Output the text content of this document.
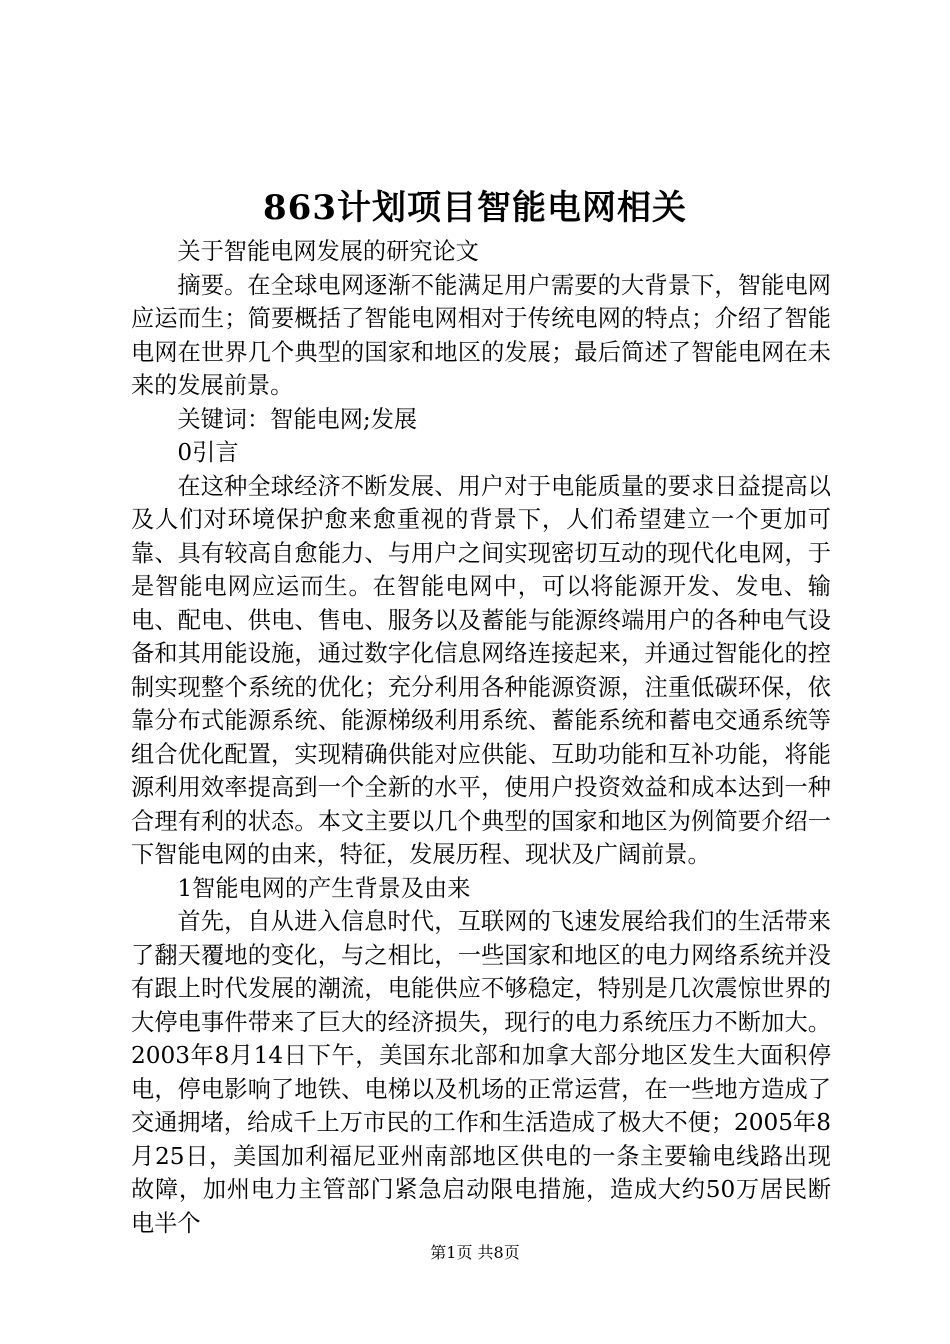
863计划项目智能电网相关

关于智能电网发展的研究论文

摘要。在全球电网逐渐不能满足用户需要的大背景下，智能电网应运而生；简要概括了智能电网相对于传统电网的特点；介绍了智能电网在世界几个典型的国家和地区的发展；最后简述了智能电网在未来的发展前景。

关键词：智能电网;发展

0引言

在这种全球经济不断发展、用户对于电能质量的要求日益提高以及人们对环境保护愈来愈重视的背景下，人们希望建立一个更加可靠、具有较高自愈能力、与用户之间实现密切互动的现代化电网，于是智能电网应运而生。在智能电网中，可以将能源开发、发电、输电、配电、供电、售电、服务以及蓄能与能源终端用户的各种电气设备和其用能设施，通过数字化信息网络连接起来，并通过智能化的控制实现整个系统的优化；充分利用各种能源资源，注重低碳环保，依靠分布式能源系统、能源梯级利用系统、蓄能系统和蓄电交通系统等组合优化配置，实现精确供能对应供能、互助功能和互补功能，将能源利用效率提高到一个全新的水平，使用户投资效益和成本达到一种合理有利的状态。本文主要以几个典型的国家和地区为例简要介绍一下智能电网的由来，特征，发展历程、现状及广阔前景。

1智能电网的产生背景及由来

首先，自从进入信息时代，互联网的飞速发展给我们的生活带来了翻天覆地的变化，与之相比，一些国家和地区的电力网络系统并没有跟上时代发展的潮流，电能供应不够稳定，特别是几次震惊世界的大停电事件带来了巨大的经济损失，现行的电力系统压力不断加大。2003年8月14日下午，美国东北部和加拿大部分地区发生大面积停电，停电影响了地铁、电梯以及机场的正常运营，在一些地方造成了交通拥堵，给成千上万市民的工作和生活造成了极大不便；2005年8月25日，美国加利福尼亚州南部地区供电的一条主要输电线路出现故障，加州电力主管部门紧急启动限电措施，造成大约50万居民断电半个

第1页 共8页
